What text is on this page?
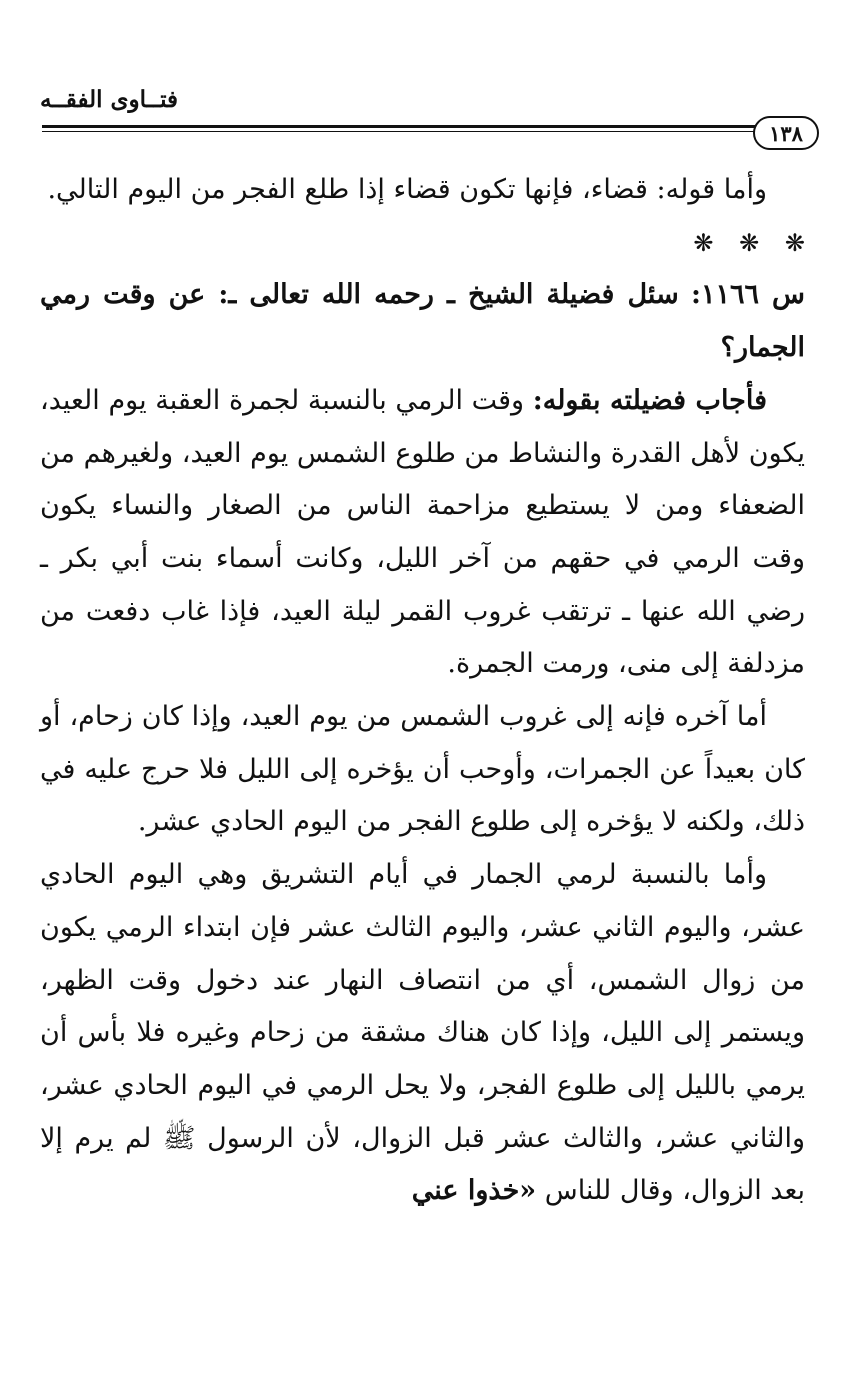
فتــاوى الفقــه
١٣٨

وأما قوله: قضاء، فإنها تكون قضاء إذا طلع الفجر من اليوم التالي.

❋ ❋ ❋

س ١١٦٦: سئل فضيلة الشيخ ـ رحمه الله تعالى ـ: عن وقت رمي الجمار؟

فأجاب فضيلته بقوله: وقت الرمي بالنسبة لجمرة العقبة يوم العيد، يكون لأهل القدرة والنشاط من طلوع الشمس يوم العيد، ولغيرهم من الضعفاء ومن لا يستطيع مزاحمة الناس من الصغار والنساء يكون وقت الرمي في حقهم من آخر الليل، وكانت أسماء بنت أبي بكر ـ رضي الله عنها ـ ترتقب غروب القمر ليلة العيد، فإذا غاب دفعت من مزدلفة إلى منى، ورمت الجمرة.

أما آخره فإنه إلى غروب الشمس من يوم العيد، وإذا كان زحام، أو كان بعيداً عن الجمرات، وأوحب أن يؤخره إلى الليل فلا حرج عليه في ذلك، ولكنه لا يؤخره إلى طلوع الفجر من اليوم الحادي عشر.

وأما بالنسبة لرمي الجمار في أيام التشريق وهي اليوم الحادي عشر، واليوم الثاني عشر، واليوم الثالث عشر فإن ابتداء الرمي يكون من زوال الشمس، أي من انتصاف النهار عند دخول وقت الظهر، ويستمر إلى الليل، وإذا كان هناك مشقة من زحام وغيره فلا بأس أن يرمي بالليل إلى طلوع الفجر، ولا يحل الرمي في اليوم الحادي عشر، والثاني عشر، والثالث عشر قبل الزوال، لأن الرسول ﷺ لم يرم إلا بعد الزوال، وقال للناس «خذوا عني
